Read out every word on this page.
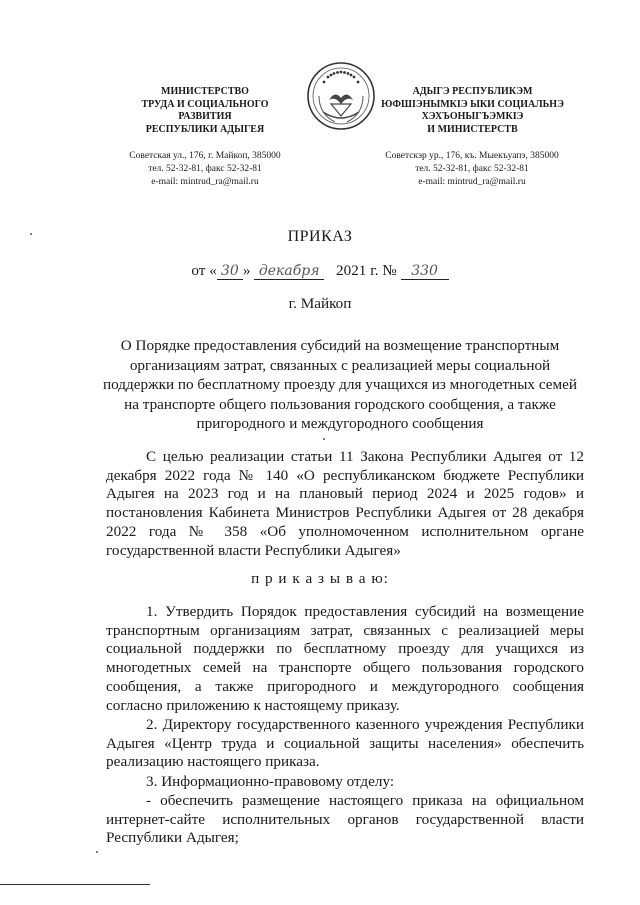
МИНИСТЕРСТВО
ТРУДА И СОЦИАЛЬНОГО
РАЗВИТИЯ
РЕСПУБЛИКИ АДЫГЕЯ
Советская ул., 176, г. Майкоп, 385000
тел. 52-32-81, факс 52-32-81
e-mail: mintrud_ra@mail.ru
АДЫГЭ РЕСПУБЛИКЭМ
ЮФШІЭНЫМКІЭ ЫКИ СОЦИАЛЬНЭ
ХЭХЪОНЫГЪЭМКІЭ
И МИНИСТЕРСТВ
Советскэр ур., 176, къ. Мыекъуапэ, 385000
тел. 52-32-81, факс 52-32-81
e-mail: mintrud_ra@mail.ru
ПРИКАЗ
от « 30 » декабря 2021 г. № 330
г. Майкоп
О Порядке предоставления субсидий на возмещение транспортным
организациям затрат, связанных с реализацией меры социальной
поддержки по бесплатному проезду для учащихся из многодетных семей
на транспорте общего пользования городского сообщения, а также
пригородного и междугородного сообщения
С целью реализации статьи 11 Закона Республики Адыгея от 12 декабря 2022 года № 140 «О республиканском бюджете Республики Адыгея на 2023 год и на плановый период 2024 и 2025 годов» и постановления Кабинета Министров Республики Адыгея от 28 декабря 2022 года № 358 «Об уполномоченном исполнительном органе государственной власти Республики Адыгея»
п р и к а з ы в а ю:
1. Утвердить Порядок предоставления субсидий на возмещение транспортным организациям затрат, связанных с реализацией меры социальной поддержки по бесплатному проезду для учащихся из многодетных семей на транспорте общего пользования городского сообщения, а также пригородного и междугородного сообщения согласно приложению к настоящему приказу.
2. Директору государственного казенного учреждения Республики Адыгея «Центр труда и социальной защиты населения» обеспечить реализацию настоящего приказа.
3. Информационно-правовому отделу:
- обеспечить размещение настоящего приказа на официальном интернет-сайте исполнительных органов государственной власти Республики Адыгея;
